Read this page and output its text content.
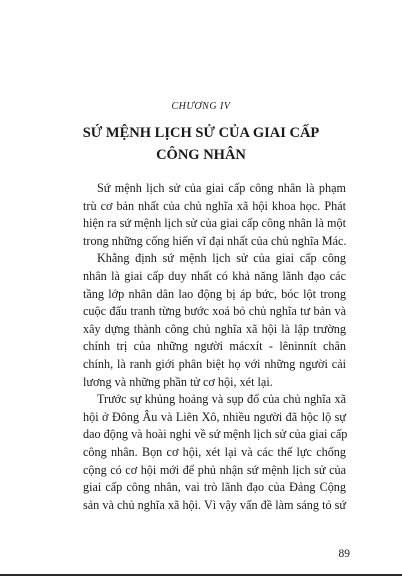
CHƯƠNG IV
SỨ MỆNH LỊCH SỬ CỦA GIAI CẤP
CÔNG NHÂN

Sứ mệnh lịch sử của giai cấp công nhân là phạm
trù cơ bản nhất của chủ nghĩa xã hội khoa học. Phát
hiện ra sứ mệnh lịch sử của giai cấp công nhân là một
trong những cống hiến vĩ đại nhất của chủ nghĩa Mác.

Khẳng định sứ mệnh lịch sử của giai cấp công
nhân là giai cấp duy nhất có khả năng lãnh đạo các
tầng lớp nhân dân lao động bị áp bức, bóc lột trong
cuộc đấu tranh từng bước xoá bỏ chủ nghĩa tư bản và
xây dựng thành công chủ nghĩa xã hội là lập trường
chính trị của những người mácxít - lêninnít chân
chính, là ranh giới phân biệt họ với những người cải
lương và những phần tử cơ hội, xét lại.

Trước sự khủng hoảng và sụp đổ của chủ nghĩa xã
hội ở Đông Âu và Liên Xô, nhiều người đã hộc lộ sự
dao động và hoài nghi về sứ mệnh lịch sử của giai cấp
công nhân. Bọn cơ hội, xét lại và các thế lực chống
cộng có cơ hội mới để phủ nhận sứ mệnh lịch sử của
giai cấp công nhân, vai trò lãnh đạo của Đảng Cộng
sản và chủ nghĩa xã hội. Vì vậy vấn đề làm sáng tỏ sứ

89
